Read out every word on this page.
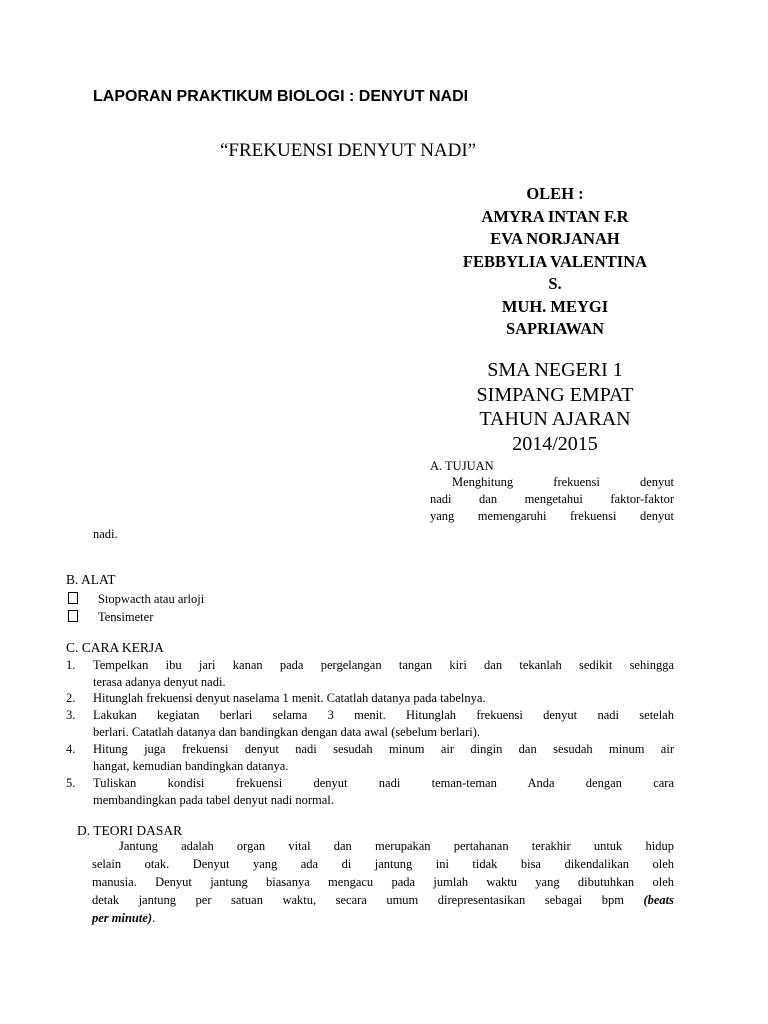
LAPORAN PRAKTIKUM BIOLOGI : DENYUT NADI
“FREKUENSI DENYUT NADI”
OLEH :
AMYRA INTAN F.R
EVA NORJANAH
FEBBYLIA VALENTINA
S.
MUH. MEYGI
SAPRIAWAN
SMA NEGERI 1
SIMPANG EMPAT
TAHUN AJARAN
2014/2015
A. TUJUAN
Menghitung frekuensi denyut
nadi dan mengetahui faktor-faktor
yang memengaruhi frekuensi denyut
nadi.
B. ALAT
Stopwacth atau arloji
Tensimeter
C. CARA KERJA
1. Tempelkan ibu jari kanan pada pergelangan tangan kiri dan tekanlah sedikit sehingga
terasa adanya denyut nadi.
2. Hitunglah frekuensi denyut naselama 1 menit. Catatlah datanya pada tabelnya.
3. Lakukan kegiatan berlari selama 3 menit. Hitunglah frekuensi denyut nadi setelah
berlari. Catatlah datanya dan bandingkan dengan data awal (sebelum berlari).
4. Hitung juga frekuensi denyut nadi sesudah minum air dingin dan sesudah minum air
hangat, kemudian bandingkan datanya.
5. Tuliskan kondisi frekuensi denyut nadi teman-teman Anda dengan cara
membandingkan pada tabel denyut nadi normal.
D. TEORI DASAR
Jantung adalah organ vital dan merupakan pertahanan terakhir untuk hidup
selain otak. Denyut yang ada di jantung ini tidak bisa dikendalikan oleh
manusia. Denyut jantung biasanya mengacu pada jumlah waktu yang dibutuhkan oleh
detak jantung per satuan waktu, secara umum direpresentasikan sebagai bpm (beats
per minute).
